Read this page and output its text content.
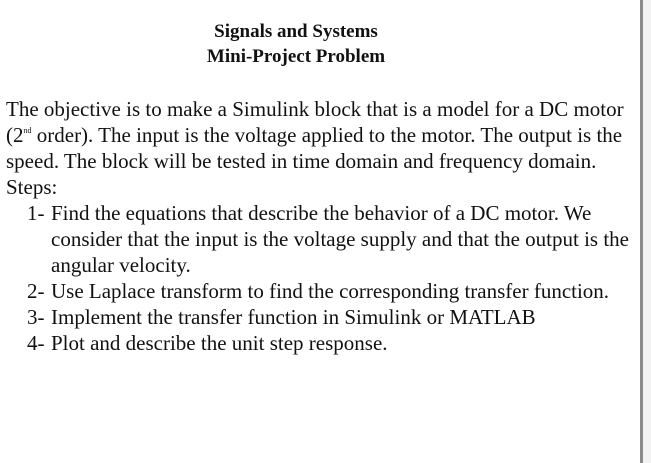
Signals and Systems
Mini-Project Problem

The objective is to make a Simulink block that is a model for a DC motor (2nd order). The input is the voltage applied to the motor. The output is the speed. The block will be tested in time domain and frequency domain.

Steps:

1- Find the equations that describe the behavior of a DC motor. We consider that the input is the voltage supply and that the output is the angular velocity.
2- Use Laplace transform to find the corresponding transfer function.
3- Implement the transfer function in Simulink or MATLAB
4- Plot and describe the unit step response.
